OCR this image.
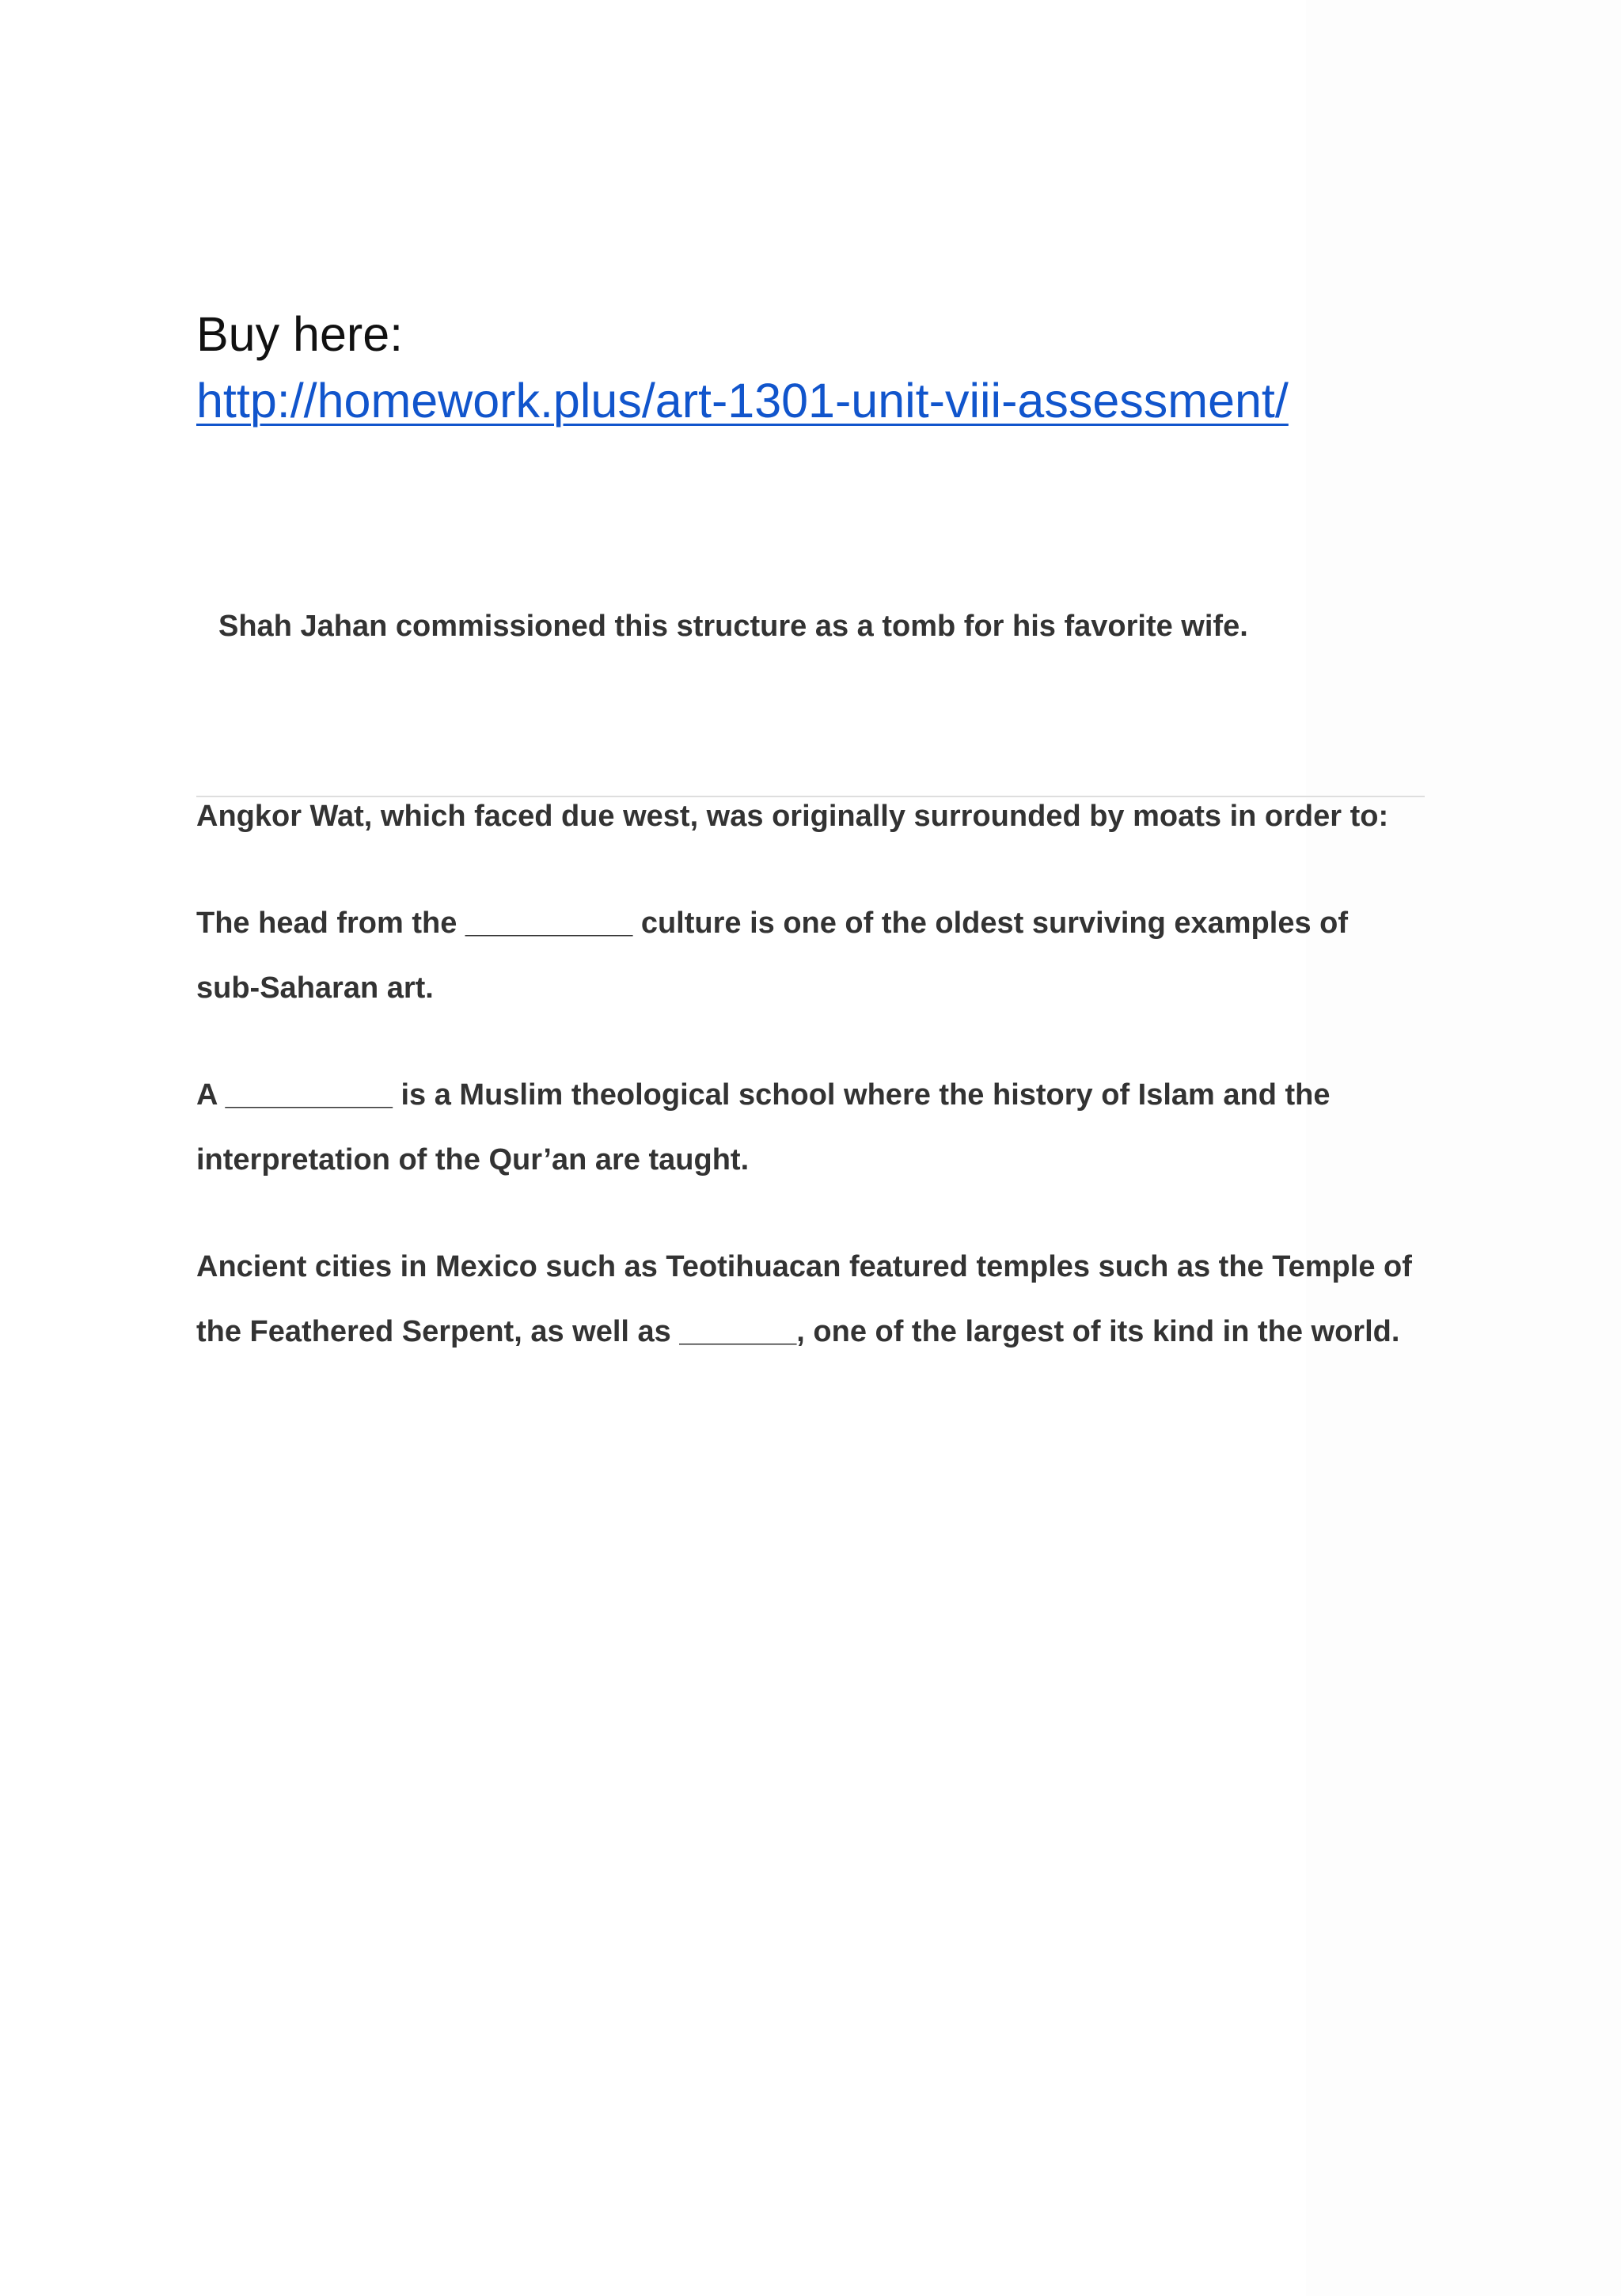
Buy here:
http://homework.plus/art-1301-unit-viii-assessment/
Shah Jahan commissioned this structure as a tomb for his favorite wife.
Angkor Wat, which faced due west, was originally surrounded by moats in order to:
The head from the __________ culture is one of the oldest surviving examples of
sub-Saharan art.
A __________ is a Muslim theological school where the history of Islam and the
interpretation of the Qur’an are taught.
Ancient cities in Mexico such as Teotihuacan featured temples such as the Temple of
the Feathered Serpent, as well as _______, one of the largest of its kind in the world.
